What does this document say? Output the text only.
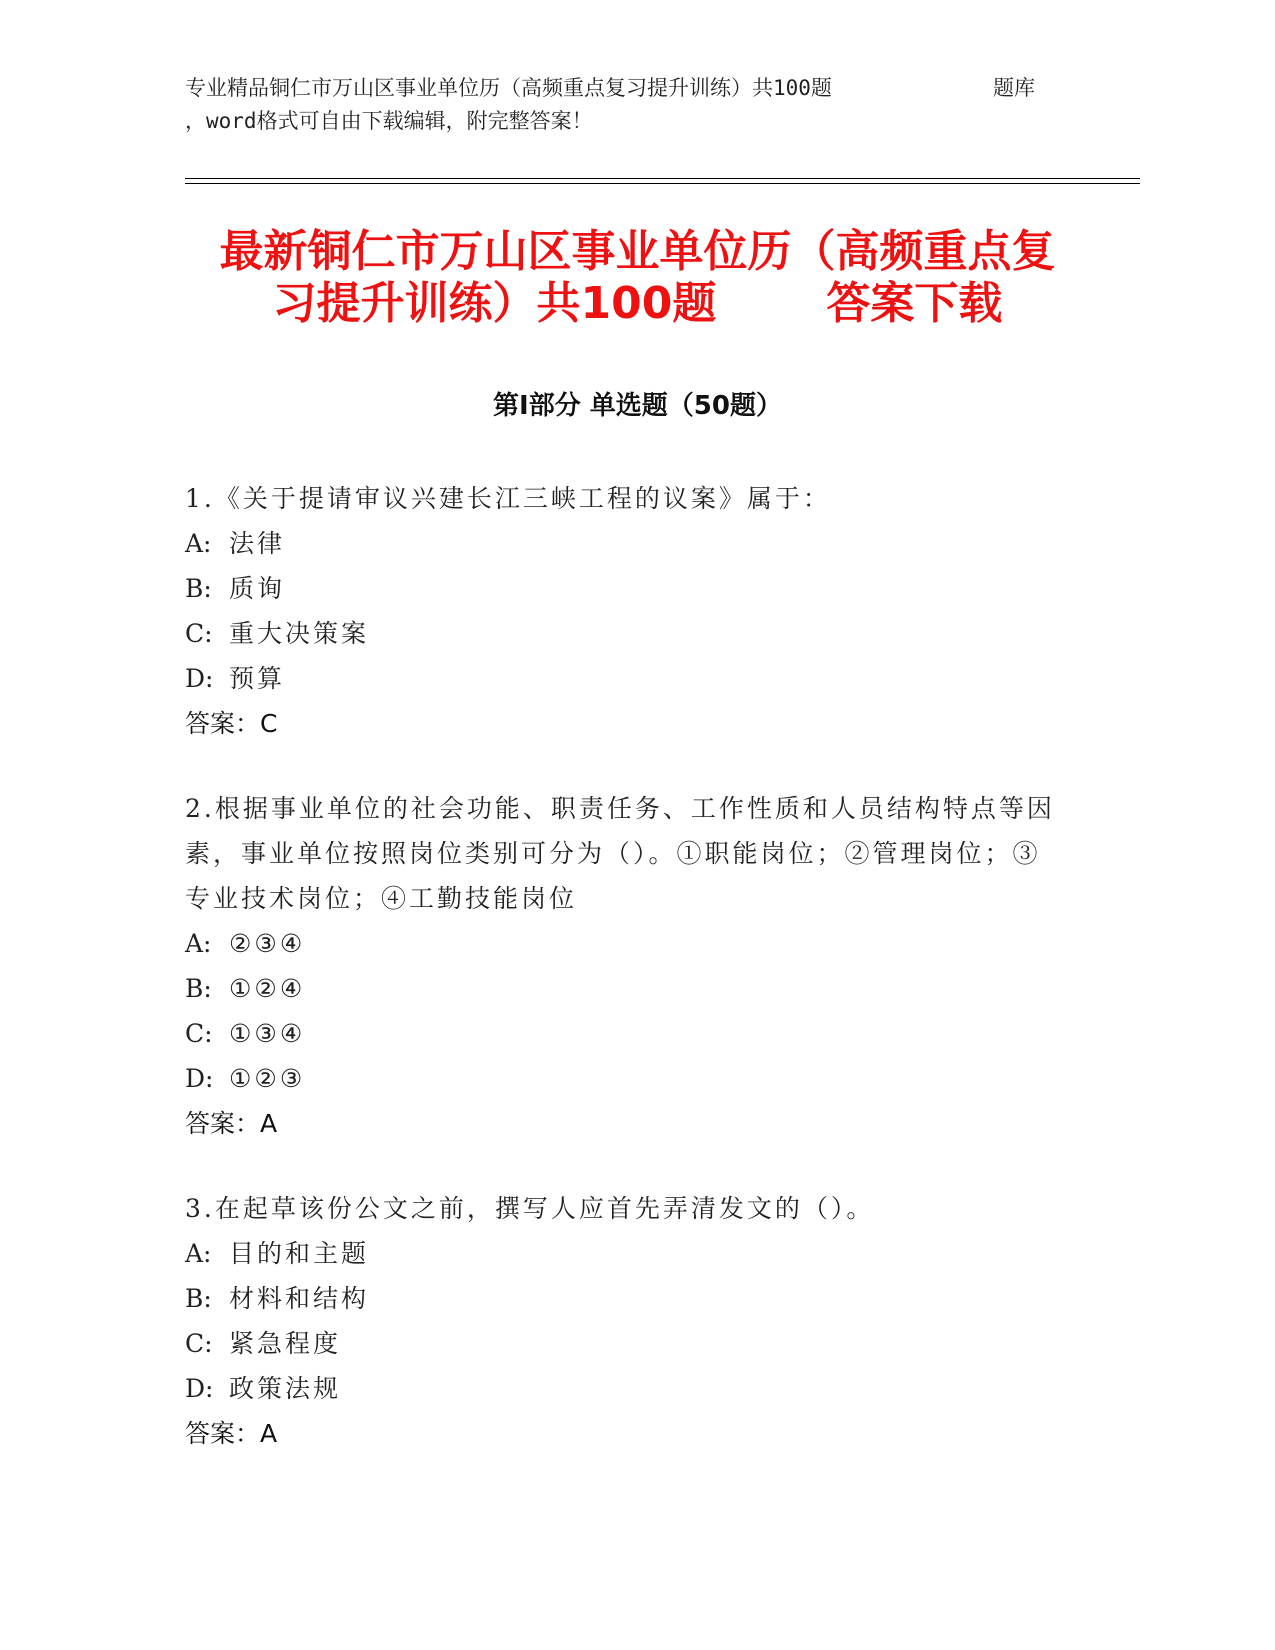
专业精品铜仁市万山区事业单位历（高频重点复习提升训练）共100题	题库
，word格式可自由下载编辑，附完整答案！
最新铜仁市万山区事业单位历（高频重点复
习提升训练）共100题	答案下载
第Ⅰ部分 单选题（50题）
1.《关于提请审议兴建长江三峡工程的议案》属于：
A: 法律
B: 质询
C: 重大决策案
D: 预算
答案：C
2.根据事业单位的社会功能、职责任务、工作性质和人员结构特点等因素，事业单位按照岗位类别可分为（）。①职能岗位；②管理岗位；③专业技术岗位；④工勤技能岗位
A: ②③④
B: ①②④
C: ①③④
D: ①②③
答案：A
3.在起草该份公文之前，撰写人应首先弄清发文的（）。
A: 目的和主题
B: 材料和结构
C: 紧急程度
D: 政策法规
答案：A
